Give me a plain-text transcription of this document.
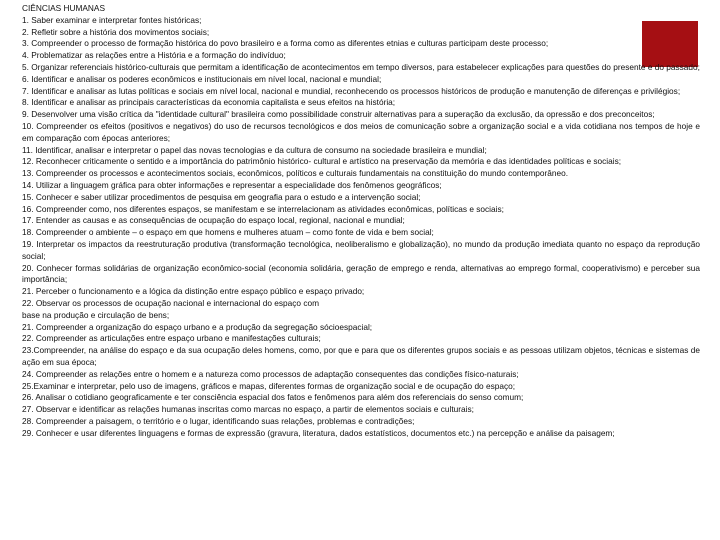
CIÊNCIAS HUMANAS
1. Saber examinar e interpretar fontes históricas;
2. Refletir sobre a história dos movimentos sociais;
3. Compreender o processo de formação histórica do povo brasileiro e a forma como as diferentes etnias e culturas participam deste processo;
4. Problematizar as relações entre a História e a formação do indivíduo;
5. Organizar referenciais histórico-culturais que permitam a identificação de acontecimentos em tempo diversos, para estabelecer explicações para questões do presente e do passado;
6. Identificar e analisar os poderes econômicos e institucionais em nível local, nacional e mundial;
7. Identificar e analisar as lutas políticas e sociais em nível local, nacional e mundial, reconhecendo os processos históricos de produção e manutenção de diferenças e privilégios;
8. Identificar e analisar as principais características da economia capitalista e seus efeitos na história;
9. Desenvolver uma visão crítica da "identidade cultural" brasileira como possibilidade construir alternativas para a superação da exclusão, da opressão e dos preconceitos;
10. Compreender os efeitos (positivos e negativos) do uso de recursos tecnológicos e dos meios de comunicação sobre a organização social e a vida cotidiana nos tempos de hoje e em comparação com épocas anteriores;
11. Identificar, analisar e interpretar o papel das novas tecnologias e da cultura de consumo na sociedade brasileira e mundial;
12. Reconhecer criticamente o sentido e a importância do patrimônio histórico- cultural e artístico na preservação da memória e das identidades políticas e sociais;
13. Compreender os processos e acontecimentos sociais, econômicos, políticos e culturais fundamentais na constituição do mundo contemporâneo.
14. Utilizar a linguagem gráfica para obter informações e representar a especialidade dos fenômenos geográficos;
15. Conhecer e saber utilizar procedimentos de pesquisa em geografia para o estudo e a intervenção social;
16. Compreender como, nos diferentes espaços, se manifestam e se interrelacionam as atividades econômicas, políticas e sociais;
17. Entender as causas e as consequências de ocupação do espaço local, regional, nacional e mundial;
18. Compreender o ambiente – o espaço em que homens e mulheres atuam – como fonte de vida e bem social;
19. Interpretar os impactos da reestruturação produtiva (transformação tecnológica, neoliberalismo e globalização), no mundo da produção imediata quanto no espaço da reprodução social;
20. Conhecer formas solidárias de organização econômico-social (economia solidária, geração de emprego e renda, alternativas ao emprego formal, cooperativismo) e perceber sua importância;
21. Perceber o funcionamento e a lógica da distinção entre espaço público e espaço privado;
22. Observar os processos de ocupação nacional e internacional do espaço com
base na produção e circulação de bens;
21. Compreender a organização do espaço urbano e a produção da segregação sócioespacial;
22. Compreender as articulações entre espaço urbano e manifestações culturais;
23.Compreender, na análise do espaço e da sua ocupação deles homens, como, por que e para que os diferentes grupos sociais e as pessoas utilizam objetos, técnicas e sistemas de ação em sua época;
24. Compreender as relações entre o homem e a natureza como processos de adaptação consequentes das condições físico-naturais;
25.Examinar e interpretar, pelo uso de imagens, gráficos e mapas, diferentes formas de organização social e de ocupação do espaço;
26. Analisar o cotidiano geograficamente e ter consciência espacial dos fatos e fenômenos para além dos referenciais do senso comum;
27. Observar e identificar as relações humanas inscritas como marcas no espaço, a partir de elementos sociais e culturais;
28. Compreender a paisagem, o território e o lugar, identificando suas relações, problemas e contradições;
29. Conhecer e usar diferentes linguagens e formas de expressão (gravura, literatura, dados estatísticos, documentos etc.) na percepção e análise da paisagem;
